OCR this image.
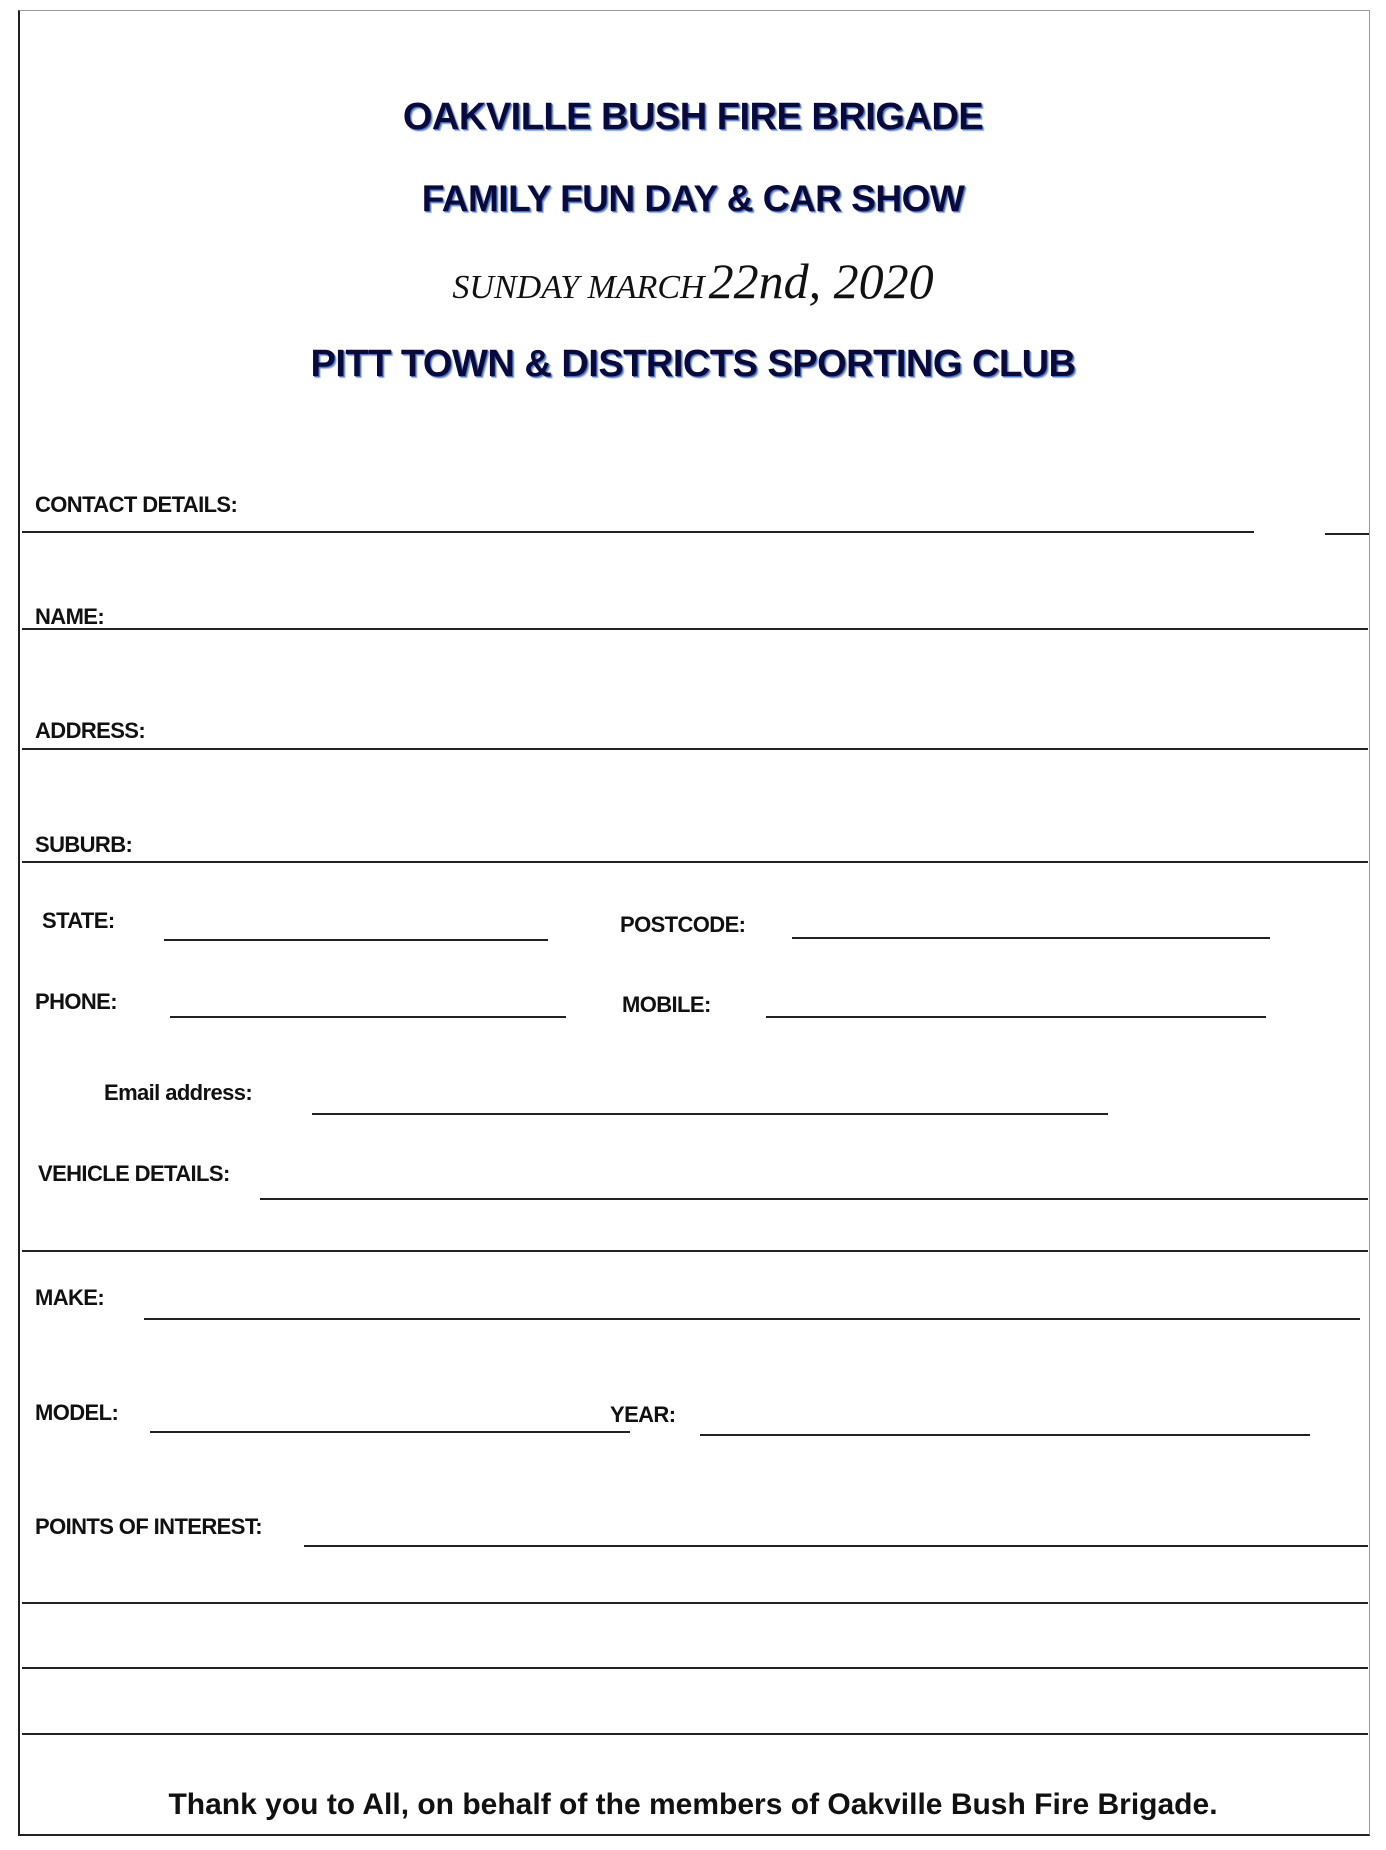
OAKVILLE BUSH FIRE BRIGADE
FAMILY FUN DAY & CAR SHOW
SUNDAY MARCH 22nd, 2020
PITT TOWN & DISTRICTS SPORTING CLUB
CONTACT DETAILS:
NAME:
ADDRESS:
SUBURB:
STATE:	POSTCODE:
PHONE:	MOBILE:
Email address:
VEHICLE DETAILS:
MAKE:
MODEL:	YEAR:
POINTS OF INTEREST:
Thank you to All, on behalf of the members of Oakville Bush Fire Brigade.
